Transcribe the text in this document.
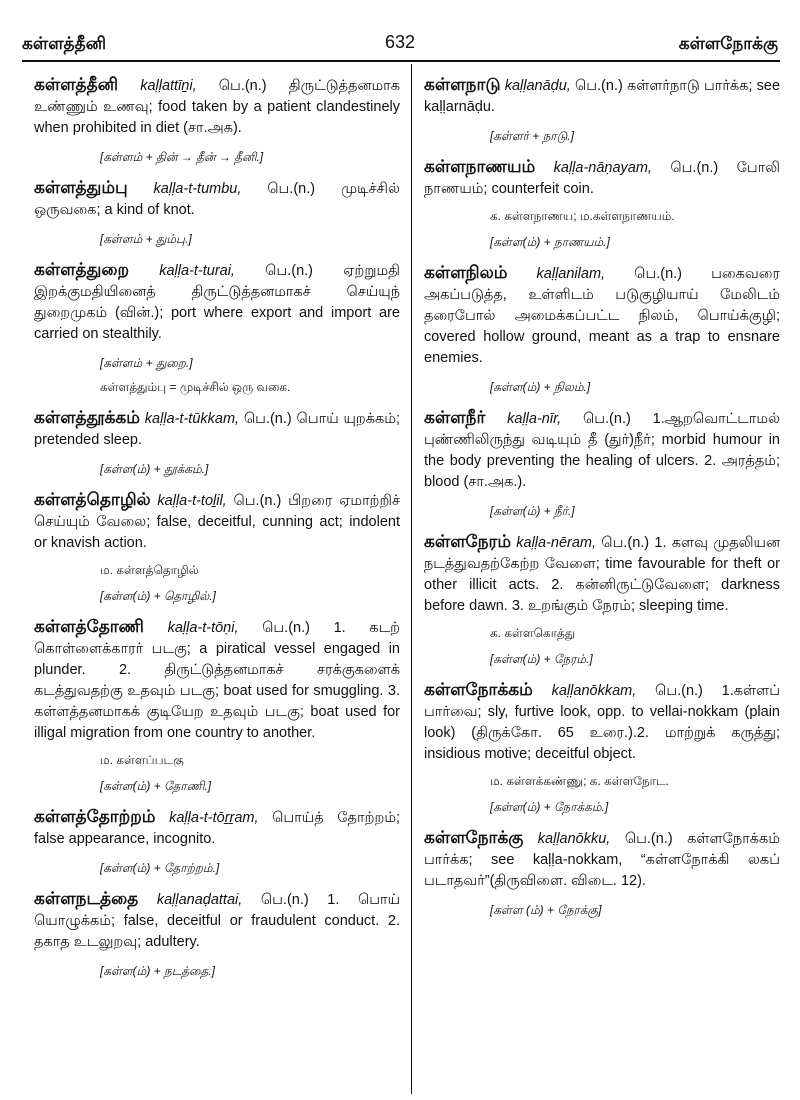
கள்ளத்தீனி	632	கள்ளநோக்கு
கள்ளத்தீனி kaḷḷattīṉi, பெ.(n.) திருட்டுத்தனமாக உண்ணும் உணவு; food taken by a patient clandestinely when prohibited in diet (சா.அக).
[கள்ளம் + தின் → தீன் → தீனி.]
கள்ளத்தும்பு kaḷḷa-t-tumbu, பெ.(n.) முடிச்சில் ஒருவகை; a kind of knot.
[கள்ளம் + தும்பு.]
கள்ளத்துறை kaḷḷa-t-turai, பெ.(n.) ஏற்றுமதி இறக்குமதியினைத் திருட்டுத்தனமாகச் செய்யுந் துறைமுகம் (வின்.); port where export and import are carried on stealthily.
[கள்ளம் + துறை.]
கள்ளத்தும்பு = முடிச்சில் ஒரு வகை.
கள்ளத்தூக்கம் kaḷḷa-t-tūkkam, பெ.(n.) பொய் யுறக்கம்; pretended sleep.
[கள்ள(ம்) + தூக்கம்.]
கள்ளத்தொழில் kaḷḷa-t-toḻil, பெ.(n.) பிறரை ஏமாற்றிச் செய்யும் வேலை; false, deceitful, cunning act; indolent or knavish action.
ம. கள்ளத்தொழில்
[கள்ள(ம்) + தொழில்.]
கள்ளத்தோணி kaḷḷa-t-tōṇi, பெ.(n.) 1. கடற் கொள்ளைக்காரர் படகு; a piratical vessel engaged in plunder. 2. திருட்டுத்தனமாகச் சரக்குகளைக் கடத்துவதற்கு உதவும் படகு; boat used for smuggling. 3. கள்ளத்தனமாகக் குடியேற உதவும் படகு; boat used for illigal migration from one country to another.
ம. கள்ளப்படகு
[கள்ள(ம்) + தோணி.]
கள்ளத்தோற்றம் kaḷḷa-t-tōṟṟam, பொய்த் தோற்றம்; false appearance, incognito.
[கள்ள(ம்) + தோற்றம்.]
கள்ளநடத்தை kaḷḷanaḍattai, பெ.(n.) 1. பொய் யொழுக்கம்; false, deceitful or fraudulent conduct. 2. தகாத உடலுறவு; adultery.
[கள்ள(ம்) + நடத்தை.]
கள்ளநாடு kaḷḷanāḍu, பெ.(n.) கள்ளர்நாடு பார்க்க; see kaḷḷarnāḍu.
[கள்ளர் + நாடு.]
கள்ளநாணயம் kaḷḷa-nāṇayam, பெ.(n.) போலி நாணயம்; counterfeit coin.
க. கள்ளநாணய; ம.கள்ளநாணயம்.
[கள்ள(ம்) + நாணயம்.]
கள்ளநிலம் kaḷḷanilam, பெ.(n.) பகைவரை அகப்படுத்த, உள்ளிடம் படுகுழியாய் மேலிடம் தரைபோல் அமைக்கப்பட்ட நிலம், பொய்க்குழி; covered hollow ground, meant as a trap to ensnare enemies.
[கள்ள(ம்) + நிலம்.]
கள்ளநீர் kaḷḷa-nīr, பெ.(n.) 1.ஆறவொட்டாமல் புண்ணிலிருந்து வடியும் தீ (துர்)நீர்; morbid humour in the body preventing the healing of ulcers. 2. அரத்தம்; blood (சா.அக.).
[கள்ள(ம்) + நீர்.]
கள்ளநேரம் kaḷḷa-nēram, பெ.(n.) 1. களவு முதலியன நடத்துவதற்கேற்ற வேளை; time favourable for theft or other illicit acts. 2. கன்னிருட்டுவேளை; darkness before dawn. 3. உறங்கும் நேரம்; sleeping time.
க. கள்ளகொத்து
[கள்ள(ம்) + நேரம்.]
கள்ளநோக்கம் kaḷḷanōkkam, பெ.(n.) 1.கள்ளப் பார்வை; sly, furtive look, opp. to vellai-nokkam (plain look) (திருக்கோ. 65 உரை.).2. மாற்றுக் கருத்து; insidious motive; deceitful object.
ம. கள்ளக்கண்ணு; க. கள்ளநோட.
[கள்ள(ம்) + நோக்கம்.]
கள்ளநோக்கு kaḷḷanōkku, பெ.(n.) கள்ளநோக்கம் பார்க்க; see kaḷḷa-nokkam, “கள்ளநோக்கி லகப் படாதவர்”(திருவிளை. விடை. 12).
[கள்ள (ம்) + நோக்கு]
